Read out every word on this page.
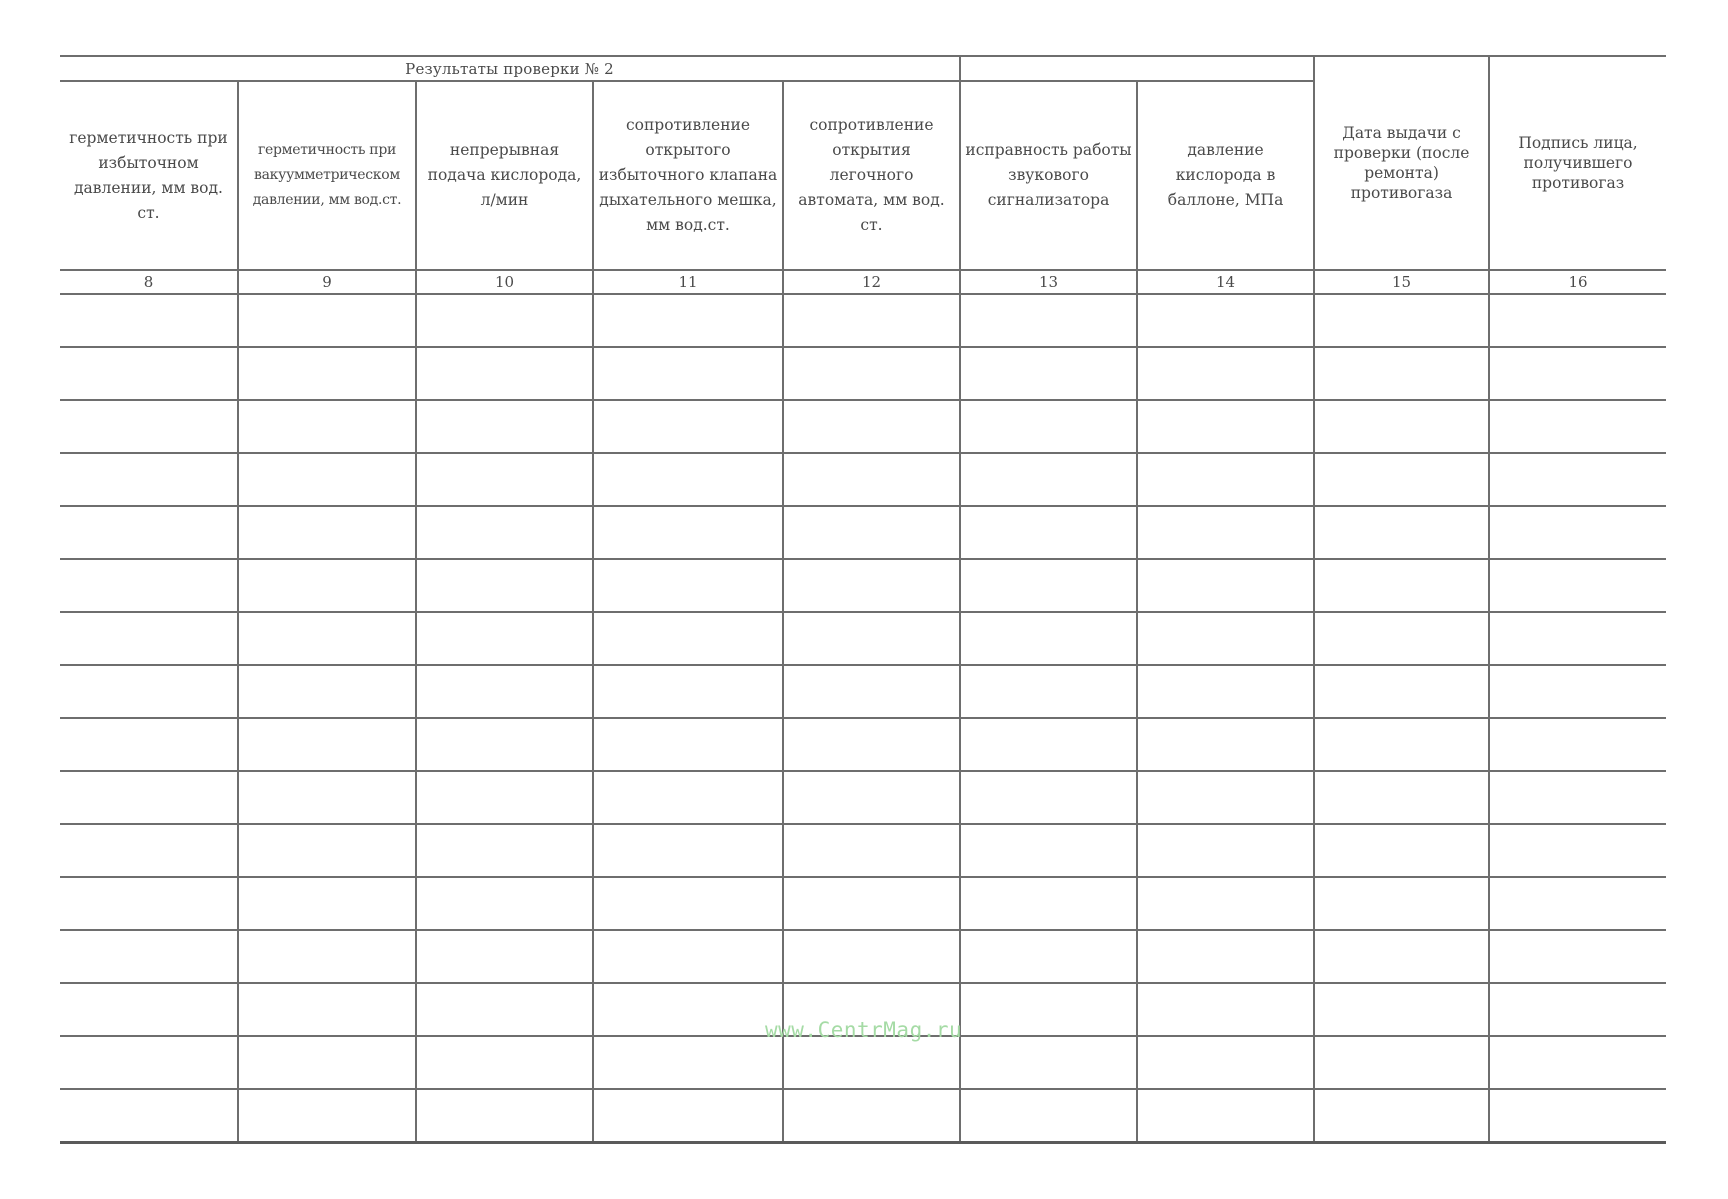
Результаты проверки № 2							Дата выдачи с проверки (после ремонта) противогаза	Подпись лица, получившего противогаз
герметичность при избыточном давлении, мм вод. ст.	герметичность при вакуумметрическом давлении, мм вод.ст.	непрерывная подача кислорода, л/мин	сопротивление открытого избыточного клапана дыхательного мешка, мм вод.ст.	сопротивление открытия легочного автомата, мм вод. ст.	исправность работы звукового сигнализатора	давление кислорода в баллоне, МПа		
8	9	10	11	12	13	14	15	16

www.CentrMag.ru
